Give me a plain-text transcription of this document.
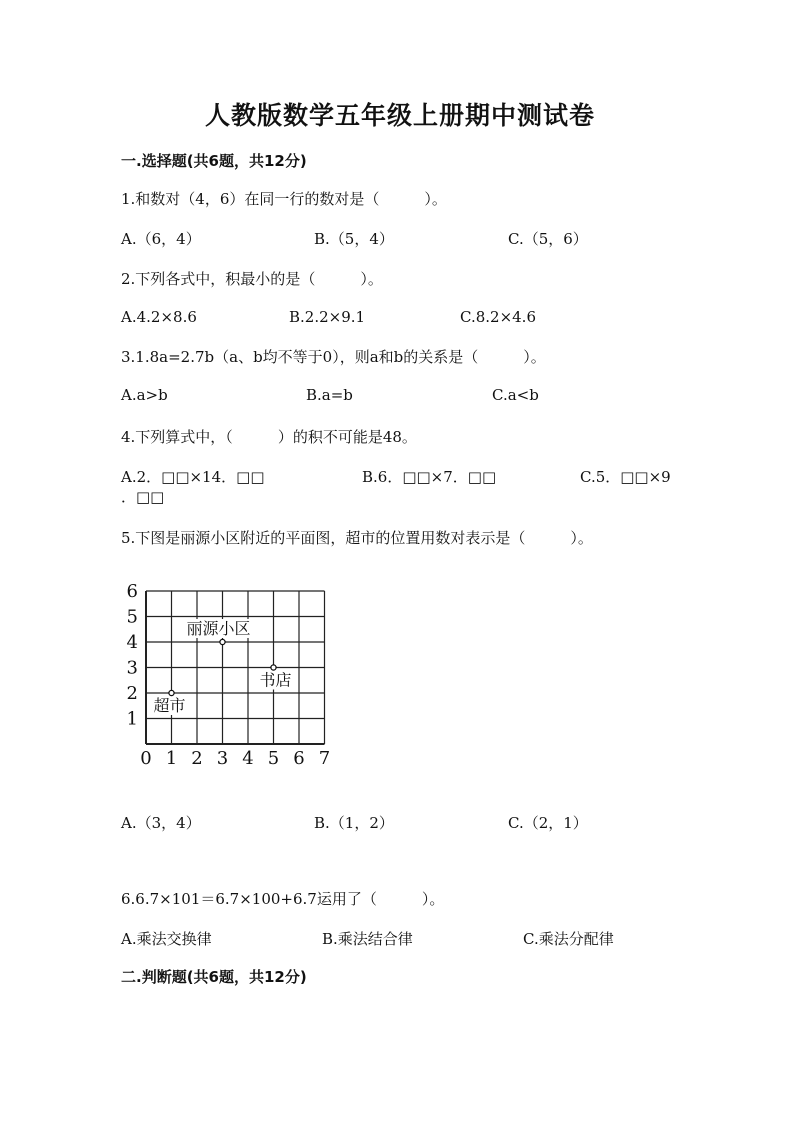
人教版数学五年级上册期中测试卷
一.选择题(共6题，共12分)
1.和数对（4，6）在同一行的数对是（　　　）。
A.（6，4）	B.（5，4）	C.（5，6）
2.下列各式中，积最小的是（　　　）。
A.4.2×8.6	B.2.2×9.1	C.8.2×4.6
3.1.8a=2.7b（a、b均不等于0），则a和b的关系是（　　　）。
A.a>b	B.a=b	C.a<b
4.下列算式中，（　　　）的积不可能是48。
A.2．□□×14．□□	B.6．□□×7．□□	C.5．□□×9
．□□
5.下图是丽源小区附近的平面图，超市的位置用数对表示是（　　　）。
0 1 2 3 4 5 6 7
1
2
3
4
5
6
丽源小区
书店
超市
A.（3，4）	B.（1，2）	C.（2，1）
6.6.7×101＝6.7×100+6.7运用了（　　　）。
A.乘法交换律	B.乘法结合律	C.乘法分配律
二.判断题(共6题，共12分)
